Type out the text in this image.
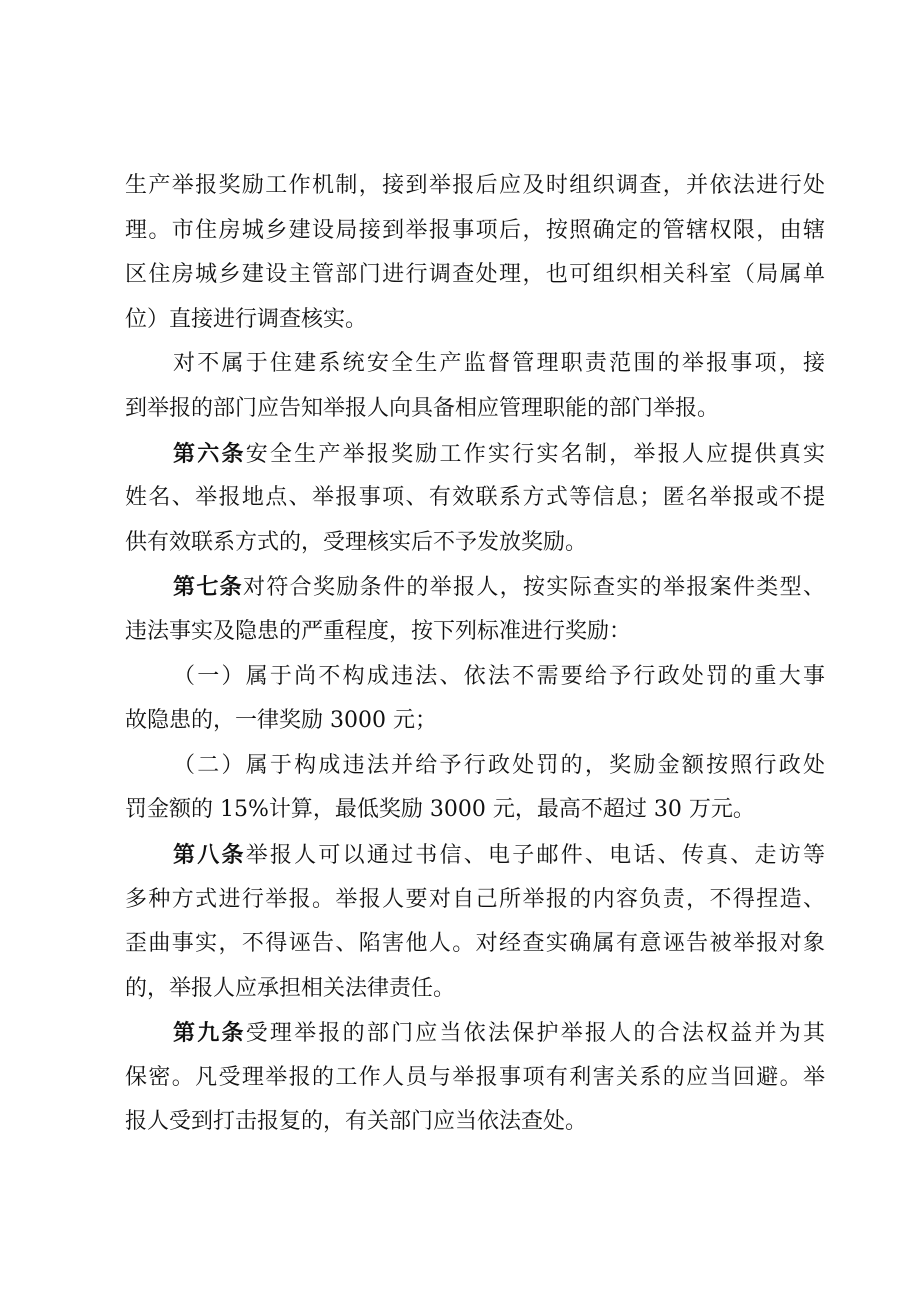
生产举报奖励工作机制，接到举报后应及时组织调查，并依法进行处
理。市住房城乡建设局接到举报事项后，按照确定的管辖权限，由辖
区住房城乡建设主管部门进行调查处理，也可组织相关科室（局属单
位）直接进行调查核实。
对不属于住建系统安全生产监督管理职责范围的举报事项，接
到举报的部门应告知举报人向具备相应管理职能的部门举报。
第六条安全生产举报奖励工作实行实名制，举报人应提供真实
姓名、举报地点、举报事项、有效联系方式等信息；匿名举报或不提
供有效联系方式的，受理核实后不予发放奖励。
第七条对符合奖励条件的举报人，按实际查实的举报案件类型、
违法事实及隐患的严重程度，按下列标准进行奖励：
（一）属于尚不构成违法、依法不需要给予行政处罚的重大事
故隐患的，一律奖励 3000 元；
（二）属于构成违法并给予行政处罚的，奖励金额按照行政处
罚金额的 15%计算，最低奖励 3000 元，最高不超过 30 万元。
第八条举报人可以通过书信、电子邮件、电话、传真、走访等
多种方式进行举报。举报人要对自己所举报的内容负责，不得捏造、
歪曲事实，不得诬告、陷害他人。对经查实确属有意诬告被举报对象
的，举报人应承担相关法律责任。
第九条受理举报的部门应当依法保护举报人的合法权益并为其
保密。凡受理举报的工作人员与举报事项有利害关系的应当回避。举
报人受到打击报复的，有关部门应当依法查处。
